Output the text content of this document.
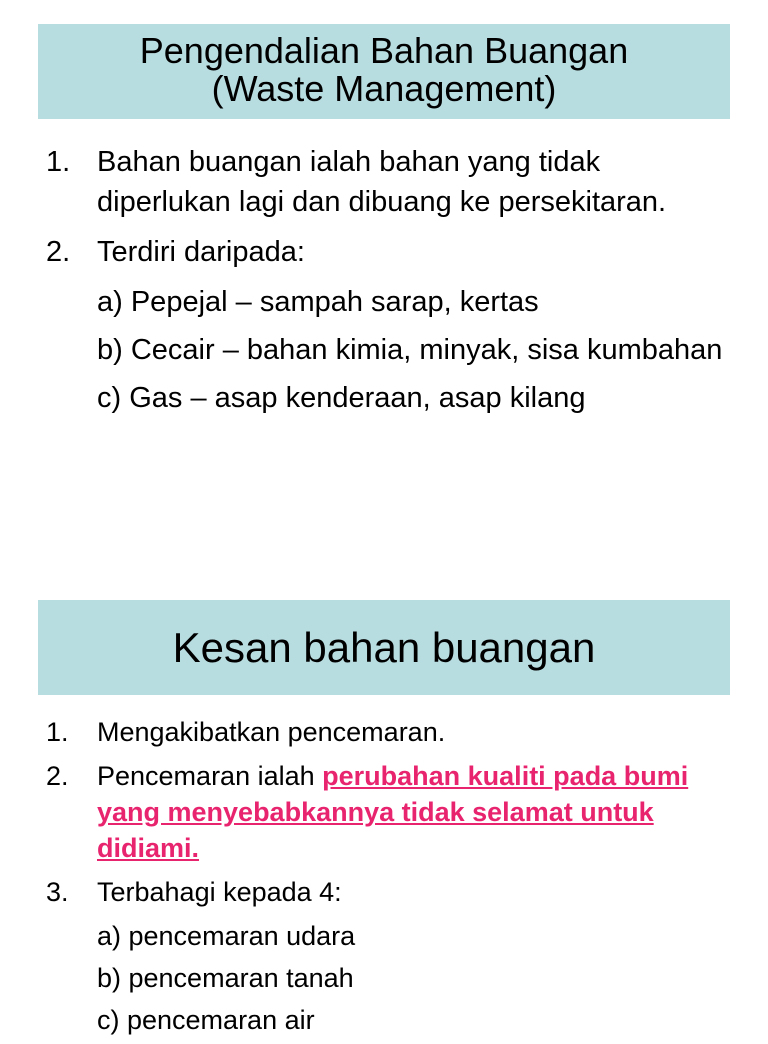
Pengendalian Bahan Buangan
(Waste Management)
1. Bahan buangan ialah bahan yang tidak diperlukan lagi dan dibuang ke persekitaran.
2. Terdiri daripada:
a) Pepejal – sampah sarap, kertas
b) Cecair – bahan kimia, minyak, sisa kumbahan
c) Gas – asap kenderaan, asap kilang
Kesan bahan buangan
1. Mengakibatkan pencemaran.
2. Pencemaran ialah perubahan kualiti pada bumi yang menyebabkannya tidak selamat untuk didiami.
3. Terbahagi kepada 4:
a) pencemaran udara
b) pencemaran tanah
c) pencemaran air
